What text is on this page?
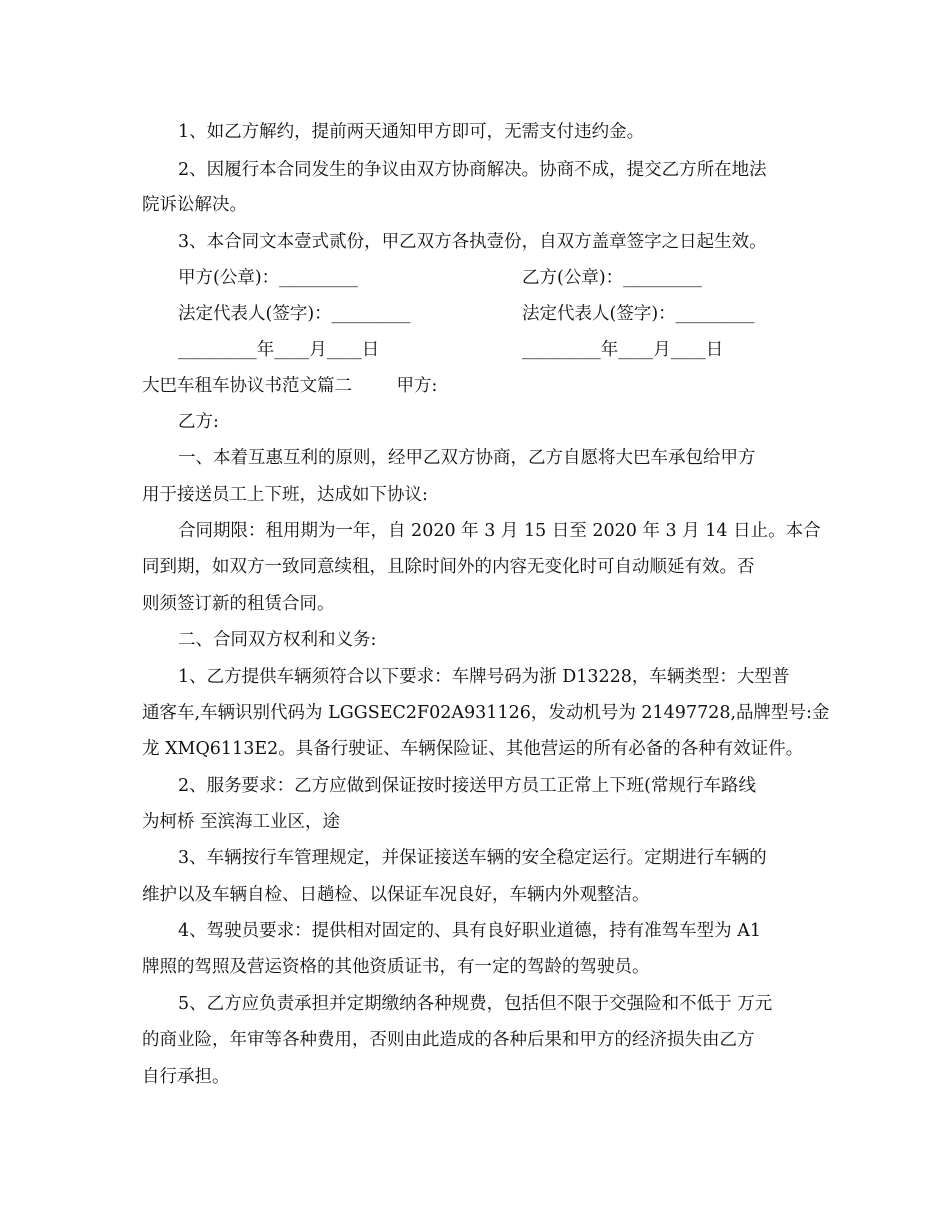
1、如乙方解约，提前两天通知甲方即可，无需支付违约金。
2、因履行本合同发生的争议由双方协商解决。协商不成，提交乙方所在地法
院诉讼解决。
3、本合同文本壹式贰份，甲乙双方各执壹份，自双方盖章签字之日起生效。
甲方(公章)：_________	乙方(公章)：_________
法定代表人(签字)：_________	法定代表人(签字)：_________
_________年____月____日	_________年____月____日
大巴车租车协议书范文篇二        甲方:
乙方:
一、本着互惠互利的原则，经甲乙双方协商，乙方自愿将大巴车承包给甲方
用于接送员工上下班，达成如下协议:
合同期限：租用期为一年，自 2020 年 3 月 15 日至 2020 年 3 月 14 日止。本合
同到期，如双方一致同意续租，且除时间外的内容无变化时可自动顺延有效。否
则须签订新的租赁合同。
二、合同双方权利和义务:
1、乙方提供车辆须符合以下要求：车牌号码为浙 D13228，车辆类型：大型普
通客车,车辆识别代码为 LGGSEC2F02A931126，发动机号为 21497728,品牌型号:金
龙 XMQ6113E2。具备行驶证、车辆保险证、其他营运的所有必备的各种有效证件。
2、服务要求：乙方应做到保证按时接送甲方员工正常上下班(常规行车路线
为柯桥 至滨海工业区，途
3、车辆按行车管理规定，并保证接送车辆的安全稳定运行。定期进行车辆的
维护以及车辆自检、日趟检、以保证车况良好，车辆内外观整洁。
4、驾驶员要求：提供相对固定的、具有良好职业道德，持有准驾车型为 A1
牌照的驾照及营运资格的其他资质证书，有一定的驾龄的驾驶员。
5、乙方应负责承担并定期缴纳各种规费，包括但不限于交强险和不低于 万元
的商业险，年审等各种费用，否则由此造成的各种后果和甲方的经济损失由乙方
自行承担。
